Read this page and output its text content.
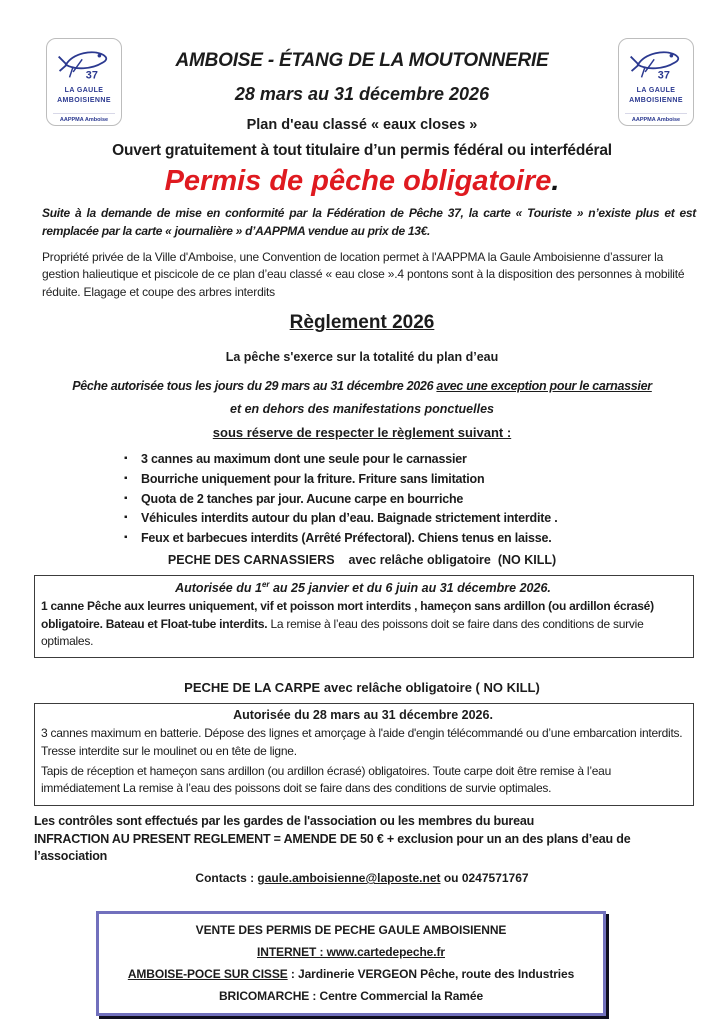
37
LA GAULE
AMBOISIENNE
AAPPMA Amboise
37
LA GAULE
AMBOISIENNE
AAPPMA Amboise
AMBOISE - ÉTANG DE LA MOUTONNERIE
28 mars au 31 décembre 2026
Plan d'eau classé « eaux closes »
Ouvert gratuitement à tout titulaire d’un permis fédéral ou interfédéral
Permis de pêche obligatoire.

Suite à la demande de mise en conformité par la Fédération de Pêche 37, la carte « Touriste » n’existe plus et est remplacée par la carte « journalière » d’AAPPMA vendue au prix de 13€.

Propriété privée de la Ville d'Amboise, une Convention de location permet à l'AAPPMA la Gaule Amboisienne d’assurer la gestion halieutique et piscicole de ce plan d’eau classé « eau close ».4 pontons sont à la disposition des personnes à mobilité réduite. Elagage et coupe des arbres interdits

Règlement 2026
La pêche s'exerce sur la totalité du plan d’eau
Pêche autorisée tous les jours du 29 mars au 31 décembre 2026 avec une exception pour le carnassier
et en dehors des manifestations ponctuelles
sous réserve de respecter le règlement suivant :
▪ 3 cannes au maximum dont une seule pour le carnassier
▪ Bourriche uniquement pour la friture. Friture sans limitation
▪ Quota de 2 tanches par jour. Aucune carpe en bourriche
▪ Véhicules interdits autour du plan d’eau. Baignade strictement interdite .
▪ Feux et barbecues interdits (Arrêté Préfectoral). Chiens tenus en laisse.
PECHE DES CARNASSIERS    avec relâche obligatoire  (NO KILL)
Autorisée du 1er au 25 janvier et du 6 juin au 31 décembre 2026.
1 canne Pêche aux leurres uniquement, vif et poisson mort interdits , hameçon sans ardillon (ou ardillon écrasé) obligatoire. Bateau et Float-tube interdits. La remise à l’eau des poissons doit se faire dans des conditions de survie optimales.
PECHE DE LA CARPE avec relâche obligatoire ( NO KILL)
Autorisée du 28 mars au 31 décembre 2026.
3 cannes maximum en batterie. Dépose des lignes et amorçage à l'aide d'engin télécommandé ou d’une embarcation interdits. Tresse interdite sur le moulinet ou en tête de ligne.
Tapis de réception et hameçon sans ardillon (ou ardillon écrasé) obligatoires. Toute carpe doit être remise à l’eau immédiatement La remise à l’eau des poissons doit se faire dans des conditions de survie optimales.
Les contrôles sont effectués par les gardes de l'association ou les membres du bureau
INFRACTION AU PRESENT REGLEMENT = AMENDE DE 50 € + exclusion pour un an des plans d’eau de l’association
Contacts : gaule.amboisienne@laposte.net ou 0247571767
VENTE DES PERMIS DE PECHE GAULE AMBOISIENNE
INTERNET : www.cartedepeche.fr
AMBOISE-POCE SUR CISSE : Jardinerie VERGEON Pêche, route des Industries
BRICOMARCHE : Centre Commercial la Ramée
